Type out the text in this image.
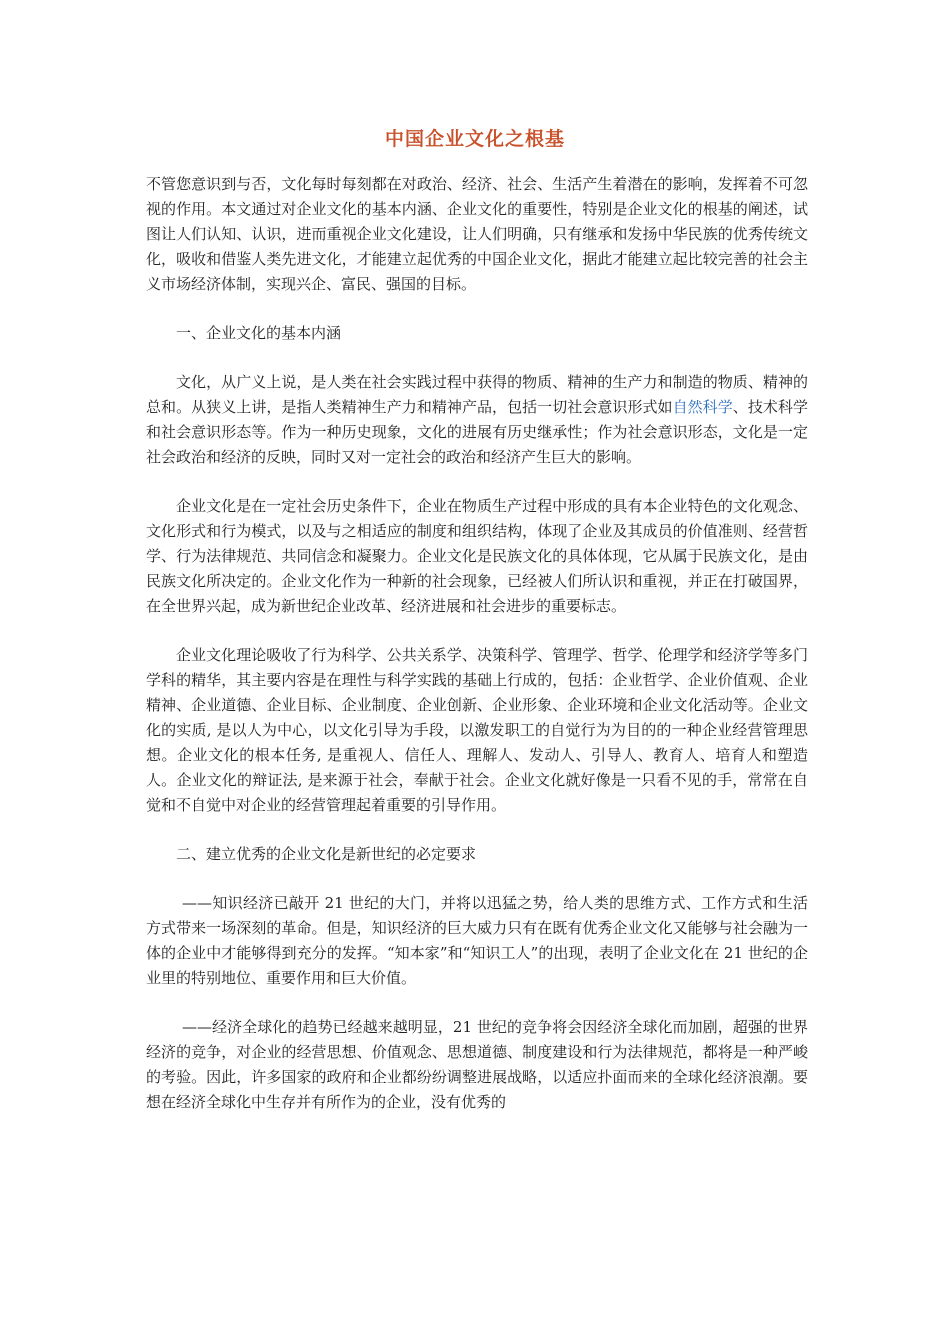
中国企业文化之根基

不管您意识到与否，文化每时每刻都在对政治、经济、社会、生活产生着潜在的影响，发挥着不可忽视的作用。本文通过对企业文化的基本内涵、企业文化的重要性，特别是企业文化的根基的阐述，试图让人们认知、认识，进而重视企业文化建设，让人们明确，只有继承和发扬中华民族的优秀传统文化，吸收和借鉴人类先进文化，才能建立起优秀的中国企业文化，据此才能建立起比较完善的社会主义市场经济体制，实现兴企、富民、强国的目标。

一、企业文化的基本内涵

文化，从广义上说，是人类在社会实践过程中获得的物质、精神的生产力和制造的物质、精神的总和。从狭义上讲，是指人类精神生产力和精神产品，包括一切社会意识形式如自然科学、技术科学和社会意识形态等。作为一种历史现象，文化的进展有历史继承性；作为社会意识形态，文化是一定社会政治和经济的反映，同时又对一定社会的政治和经济产生巨大的影响。

企业文化是在一定社会历史条件下，企业在物质生产过程中形成的具有本企业特色的文化观念、文化形式和行为模式，以及与之相适应的制度和组织结构，体现了企业及其成员的价值准则、经营哲学、行为法律规范、共同信念和凝聚力。企业文化是民族文化的具体体现，它从属于民族文化，是由民族文化所决定的。企业文化作为一种新的社会现象，已经被人们所认识和重视，并正在打破国界，在全世界兴起，成为新世纪企业改革、经济进展和社会进步的重要标志。

企业文化理论吸收了行为科学、公共关系学、决策科学、管理学、哲学、伦理学和经济学等多门学科的精华，其主要内容是在理性与科学实践的基础上行成的，包括：企业哲学、企业价值观、企业精神、企业道德、企业目标、企业制度、企业创新、企业形象、企业环境和企业文化活动等。企业文化的实质, 是以人为中心，以文化引导为手段，以激发职工的自觉行为为目的的一种企业经营管理思想。企业文化的根本任务, 是重视人、信任人、理解人、发动人、引导人、教育人、培育人和塑造人。企业文化的辩证法, 是来源于社会，奉献于社会。企业文化就好像是一只看不见的手，常常在自觉和不自觉中对企业的经营管理起着重要的引导作用。

二、建立优秀的企业文化是新世纪的必定要求

——知识经济已敲开 21 世纪的大门，并将以迅猛之势，给人类的思维方式、工作方式和生活方式带来一场深刻的革命。但是，知识经济的巨大威力只有在既有优秀企业文化又能够与社会融为一体的企业中才能够得到充分的发挥。“知本家”和“知识工人”的出现，表明了企业文化在 21 世纪的企业里的特别地位、重要作用和巨大价值。

——经济全球化的趋势已经越来越明显，21 世纪的竞争将会因经济全球化而加剧，超强的世界经济的竞争，对企业的经营思想、价值观念、思想道德、制度建设和行为法律规范，都将是一种严峻的考验。因此，许多国家的政府和企业都纷纷调整进展战略，以适应扑面而来的全球化经济浪潮。要想在经济全球化中生存并有所作为的企业，没有优秀的
